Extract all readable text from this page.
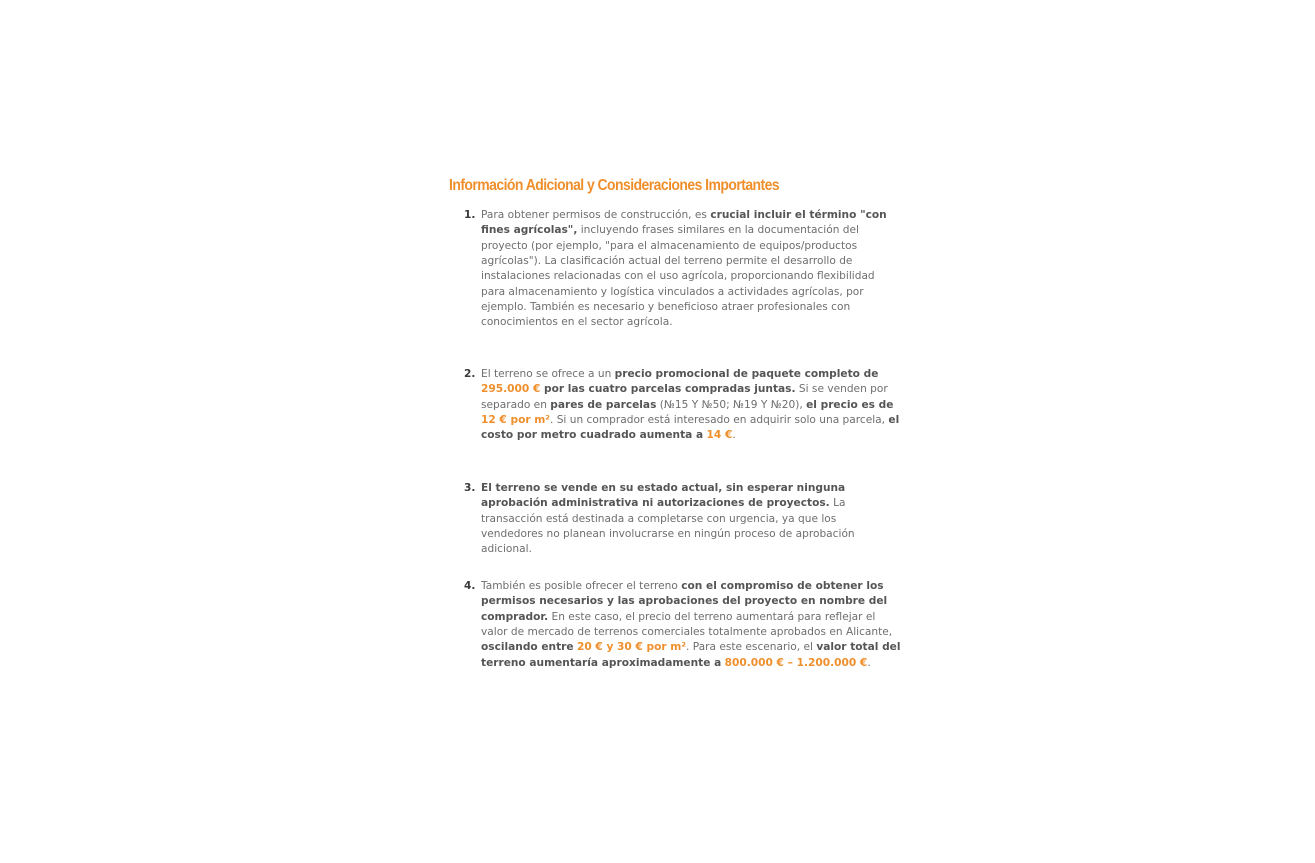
Información Adicional y Consideraciones Importantes
1. Para obtener permisos de construcción, es crucial incluir el término "con fines agrícolas", incluyendo frases similares en la documentación del proyecto (por ejemplo, "para el almacenamiento de equipos/productos agrícolas"). La clasificación actual del terreno permite el desarrollo de instalaciones relacionadas con el uso agrícola, proporcionando flexibilidad para almacenamiento y logística vinculados a actividades agrícolas, por ejemplo. También es necesario y beneficioso atraer profesionales con conocimientos en el sector agrícola.
2. El terreno se ofrece a un precio promocional de paquete completo de 295.000 € por las cuatro parcelas compradas juntas. Si se venden por separado en pares de parcelas (№15 Y №50; №19 Y №20), el precio es de 12 € por m². Si un comprador está interesado en adquirir solo una parcela, el costo por metro cuadrado aumenta a 14 €.
3. El terreno se vende en su estado actual, sin esperar ninguna aprobación administrativa ni autorizaciones de proyectos. La transacción está destinada a completarse con urgencia, ya que los vendedores no planean involucrarse en ningún proceso de aprobación adicional.
4. También es posible ofrecer el terreno con el compromiso de obtener los permisos necesarios y las aprobaciones del proyecto en nombre del comprador. En este caso, el precio del terreno aumentará para reflejar el valor de mercado de terrenos comerciales totalmente aprobados en Alicante, oscilando entre 20 € y 30 € por m². Para este escenario, el valor total del terreno aumentaría aproximadamente a 800.000 € – 1.200.000 €.
